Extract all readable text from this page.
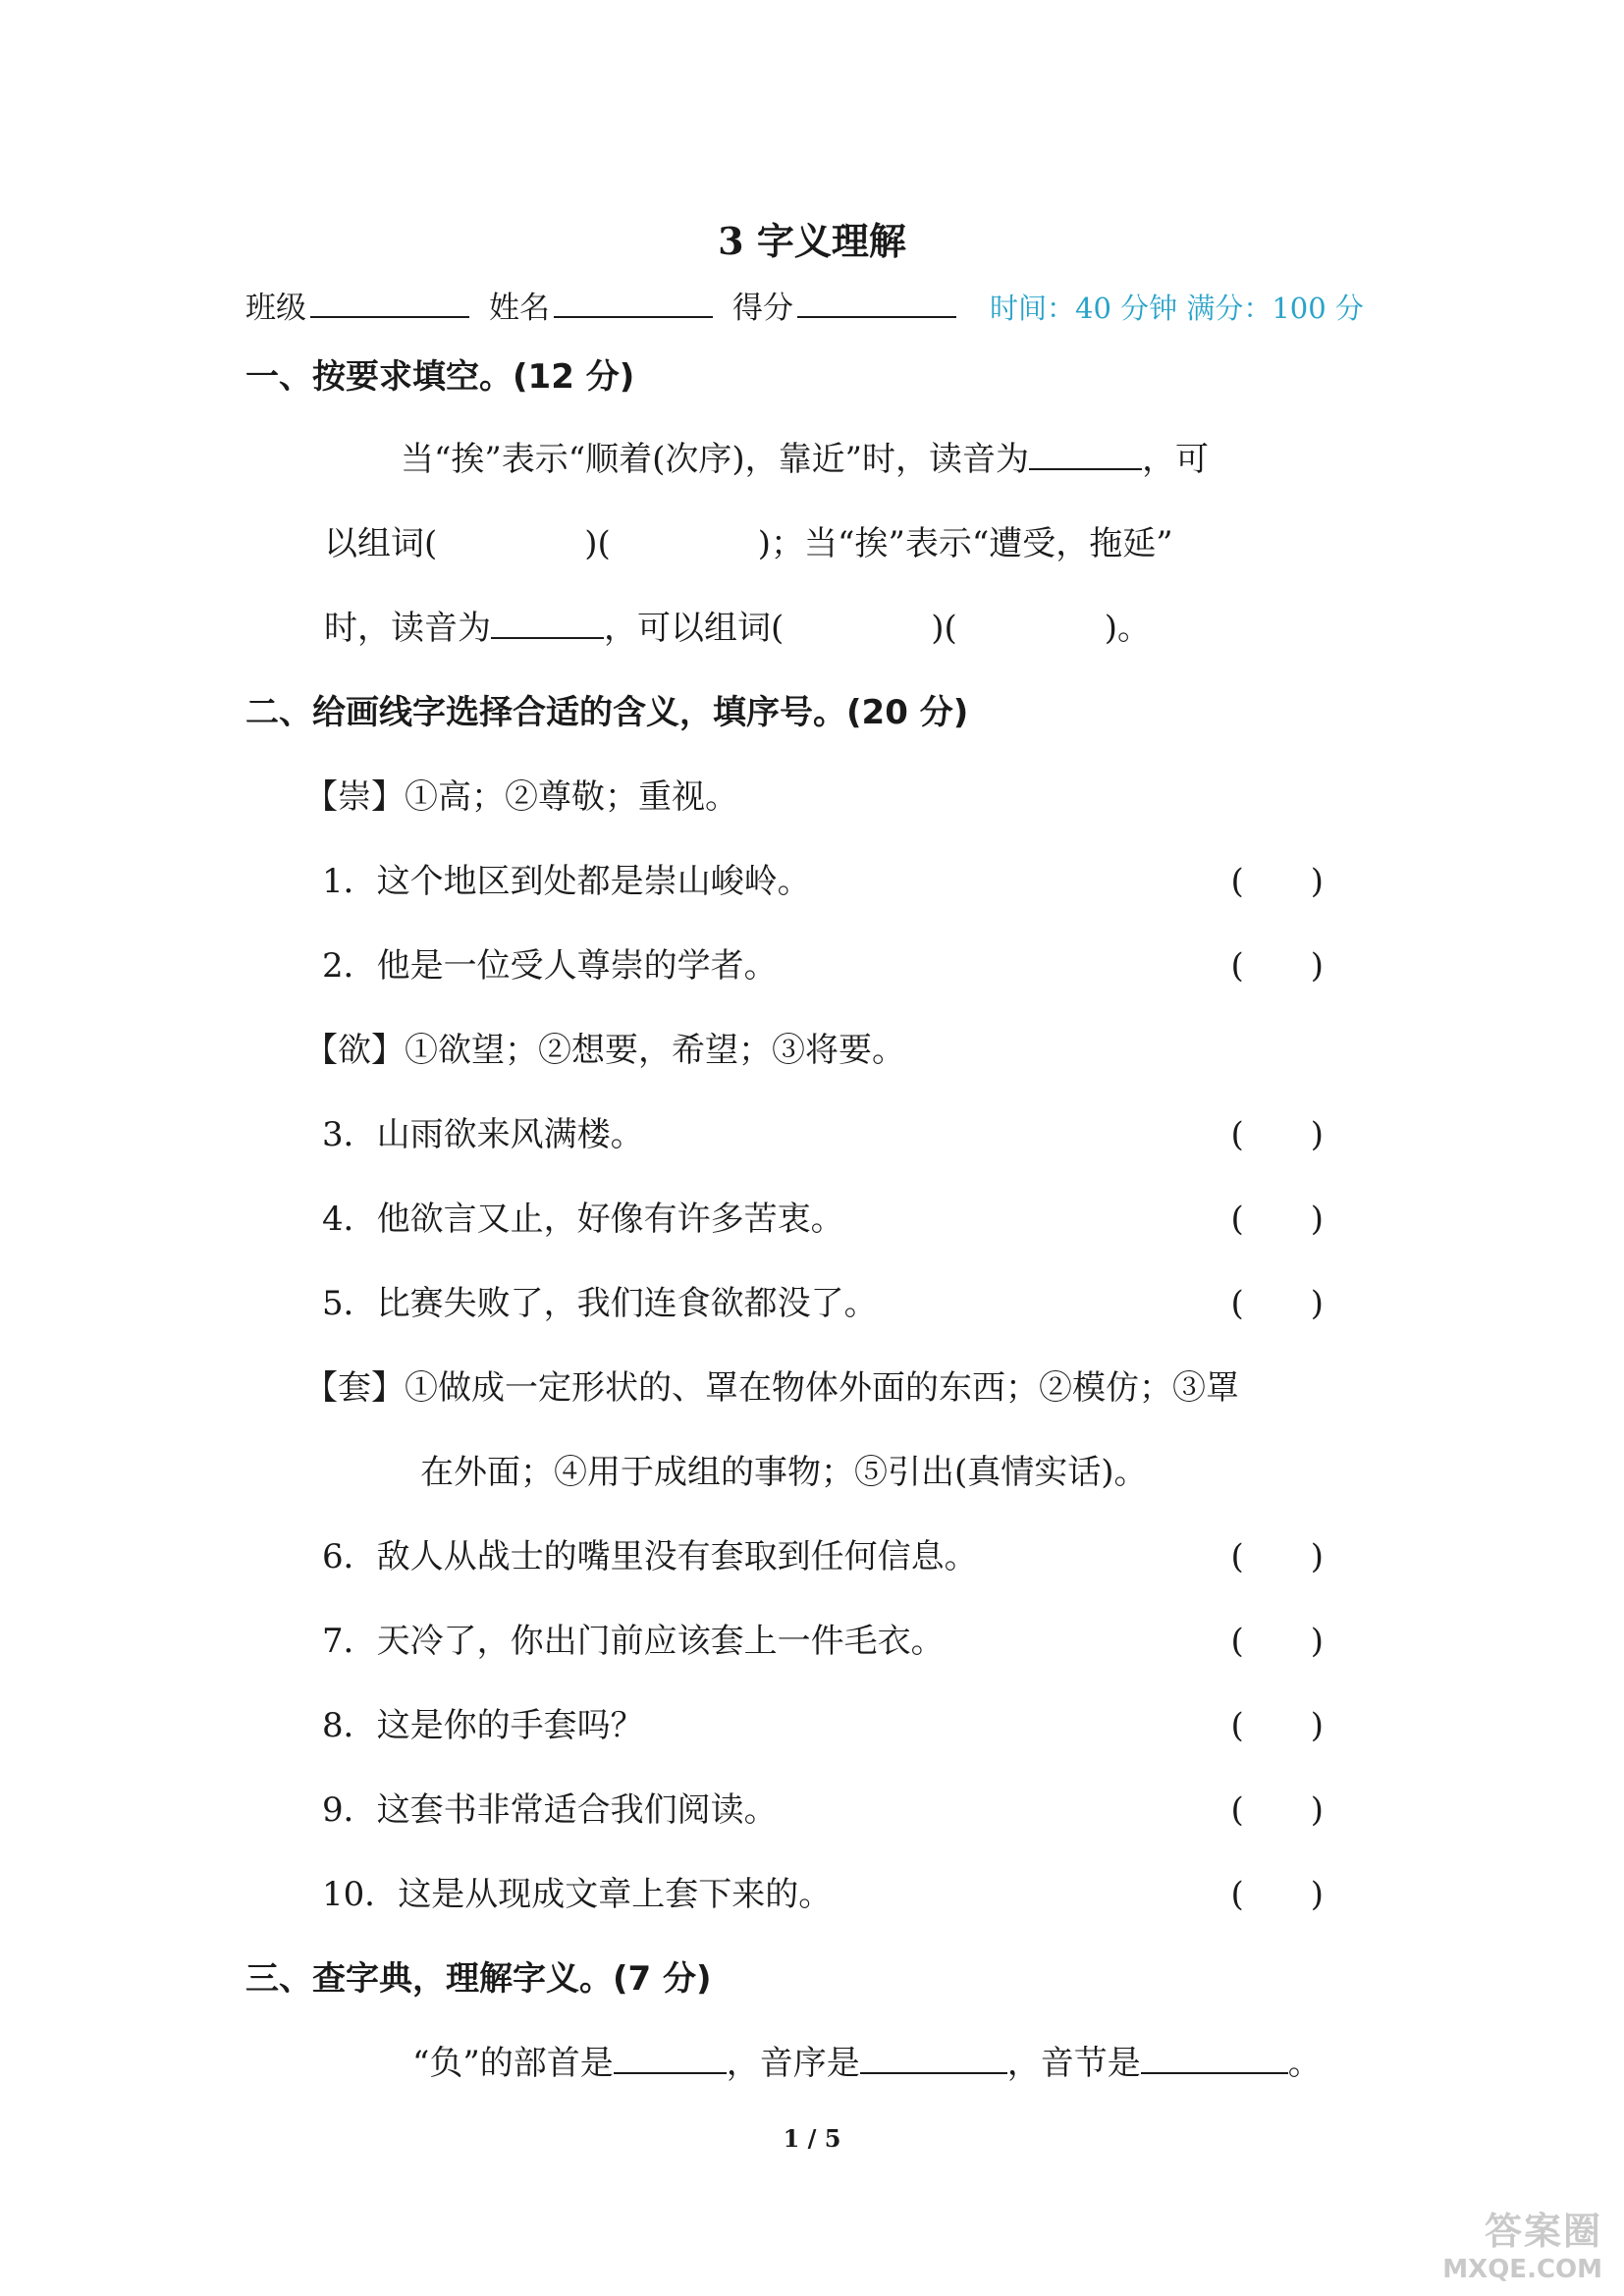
3 字义理解
班级	姓名	得分	时间：40 分钟 满分：100 分
一、按要求填空。(12 分)
当“挨”表示“顺着(次序)，靠近”时，读音为	，可
以组词(	)(	)；当“挨”表示“遭受，拖延”
时，读音为	，可以组词(	)(	)。
二、给画线字选择合适的含义，填序号。(20 分)
【崇】①高；②尊敬；重视。
1．这个地区到处都是崇山峻岭。	(　　)
2．他是一位受人尊崇的学者。	(　　)
【欲】①欲望；②想要，希望；③将要。
3．山雨欲来风满楼。	(　　)
4．他欲言又止，好像有许多苦衷。	(　　)
5．比赛失败了，我们连食欲都没了。	(　　)
【套】①做成一定形状的、罩在物体外面的东西；②模仿；③罩
在外面；④用于成组的事物；⑤引出(真情实话)。
6．敌人从战士的嘴里没有套取到任何信息。	(　　)
7．天冷了，你出门前应该套上一件毛衣。	(　　)
8．这是你的手套吗？	(　　)
9．这套书非常适合我们阅读。	(　　)
10．这是从现成文章上套下来的。	(　　)
三、查字典，理解字义。(7 分)
“负”的部首是	，音序是	，音节是	。
1 / 5
答案圈
MXQE.COM
